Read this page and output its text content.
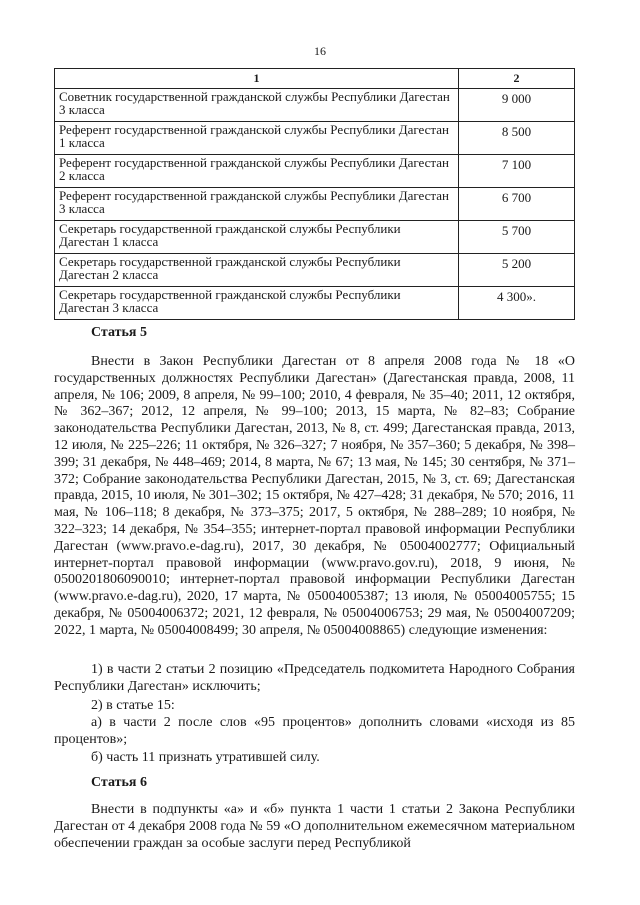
16
1	2
Советник государственной гражданской службы Республики Дагестан 3 класса	9 000
Референт государственной гражданской службы Республики Дагестан 1 класса	8 500
Референт государственной гражданской службы Республики Дагестан 2 класса	7 100
Референт государственной гражданской службы Республики Дагестан 3 класса	6 700
Секретарь государственной гражданской службы Республики Дагестан 1 класса	5 700
Секретарь государственной гражданской службы Республики Дагестан 2 класса	5 200
Секретарь государственной гражданской службы Республики Дагестан 3 класса	4 300».
Статья 5

Внести в Закон Республики Дагестан от 8 апреля 2008 года № 18 «О государственных должностях Республики Дагестан» (Дагестанская правда, 2008, 11 апреля, № 106; 2009, 8 апреля, № 99–100; 2010, 4 февраля, № 35–40; 2011, 12 октября, № 362–367; 2012, 12 апреля, № 99–100; 2013, 15 марта, № 82–83; Собрание законодательства Республики Дагестан, 2013, № 8, ст. 499; Дагестанская правда, 2013, 12 июля, № 225–226; 11 октября, № 326–327; 7 ноября, № 357–360; 5 декабря, № 398–399; 31 декабря, № 448–469; 2014, 8 марта, № 67; 13 мая, № 145; 30 сентября, № 371–372; Собрание законодательства Республики Дагестан, 2015, № 3, ст. 69; Дагестанская правда, 2015, 10 июля, № 301–302; 15 октября, № 427–428; 31 декабря, № 570; 2016, 11 мая, № 106–118; 8 декабря, № 373–375; 2017, 5 октября, № 288–289; 10 ноября, № 322–323; 14 декабря, № 354–355; интернет-портал правовой информации Республики Дагестан (www.pravo.e-dag.ru), 2017, 30 декабря, № 05004002777; Официальный интернет-портал правовой информации (www.pravo.gov.ru), 2018, 9 июня, № 0500201806090010; интернет-портал правовой информации Республики Дагестан (www.pravo.e-dag.ru), 2020, 17 марта, № 05004005387; 13 июля, № 05004005755; 15 декабря, № 05004006372; 2021, 12 февраля, № 05004006753; 29 мая, № 05004007209; 2022, 1 марта, № 05004008499; 30 апреля, № 05004008865) следующие изменения:

1) в части 2 статьи 2 позицию «Председатель подкомитета Народного Собрания Республики Дагестан» исключить;

2) в статье 15:

а) в части 2 после слов «95 процентов» дополнить словами «исходя из 85 процентов»;

б) часть 11 признать утратившей силу.

Статья 6

Внести в подпункты «а» и «б» пункта 1 части 1 статьи 2 Закона Республики Дагестан от 4 декабря 2008 года № 59 «О дополнительном ежемесячном материальном обеспечении граждан за особые заслуги перед Республикой
